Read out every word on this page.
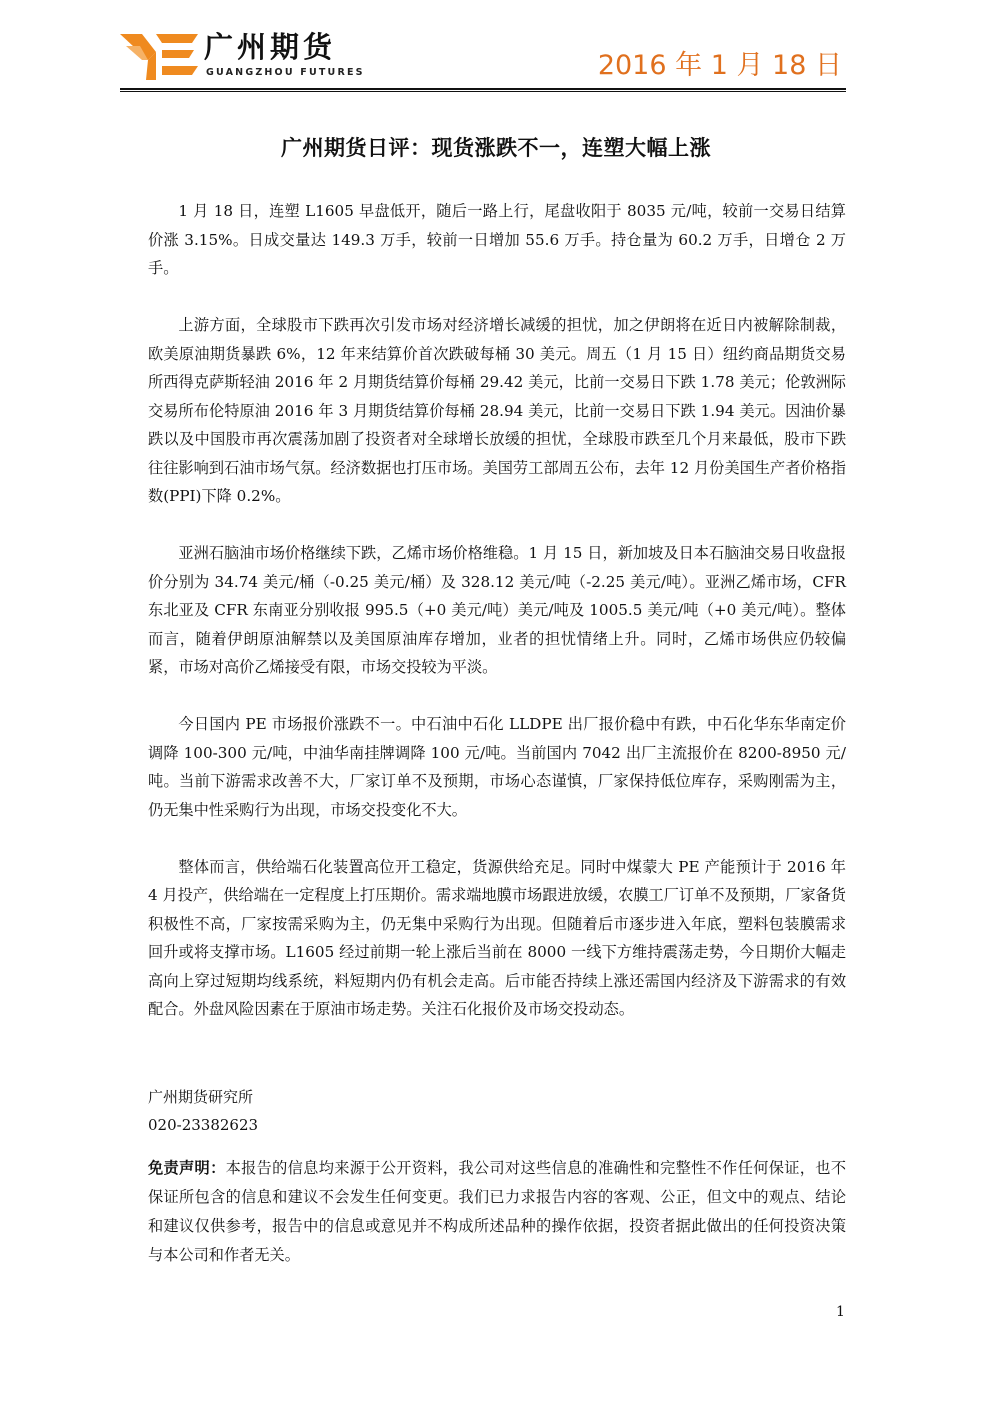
广州期货
GUANGZHOU FUTURES	2016 年 1 月 18 日
广州期货日评：现货涨跌不一，连塑大幅上涨

1 月 18 日，连塑 L1605 早盘低开，随后一路上行，尾盘收阳于 8035 元/吨，较前一交易日结算价涨 3.15%。日成交量达 149.3 万手，较前一日增加 55.6 万手。持仓量为 60.2 万手，日增仓 2 万手。

上游方面，全球股市下跌再次引发市场对经济增长减缓的担忧，加之伊朗将在近日内被解除制裁，欧美原油期货暴跌 6%，12 年来结算价首次跌破每桶 30 美元。周五（1 月 15 日）纽约商品期货交易所西得克萨斯轻油 2016 年 2 月期货结算价每桶 29.42 美元，比前一交易日下跌 1.78 美元；伦敦洲际交易所布伦特原油 2016 年 3 月期货结算价每桶 28.94 美元，比前一交易日下跌 1.94 美元。因油价暴跌以及中国股市再次震荡加剧了投资者对全球增长放缓的担忧，全球股市跌至几个月来最低，股市下跌往往影响到石油市场气氛。经济数据也打压市场。美国劳工部周五公布，去年 12 月份美国生产者价格指数(PPI)下降 0.2%。

亚洲石脑油市场价格继续下跌，乙烯市场价格维稳。1 月 15 日，新加坡及日本石脑油交易日收盘报价分别为 34.74 美元/桶（-0.25 美元/桶）及 328.12 美元/吨（-2.25 美元/吨）。亚洲乙烯市场，CFR 东北亚及 CFR 东南亚分别收报 995.5（+0 美元/吨）美元/吨及 1005.5 美元/吨（+0 美元/吨）。整体而言，随着伊朗原油解禁以及美国原油库存增加，业者的担忧情绪上升。同时，乙烯市场供应仍较偏紧，市场对高价乙烯接受有限，市场交投较为平淡。

今日国内 PE 市场报价涨跌不一。中石油中石化 LLDPE 出厂报价稳中有跌，中石化华东华南定价调降 100-300 元/吨，中油华南挂牌调降 100 元/吨。当前国内 7042 出厂主流报价在 8200-8950 元/吨。当前下游需求改善不大，厂家订单不及预期，市场心态谨慎，厂家保持低位库存，采购刚需为主，仍无集中性采购行为出现，市场交投变化不大。

整体而言，供给端石化装置高位开工稳定，货源供给充足。同时中煤蒙大 PE 产能预计于 2016 年 4 月投产，供给端在一定程度上打压期价。需求端地膜市场跟进放缓，农膜工厂订单不及预期，厂家备货积极性不高，厂家按需采购为主，仍无集中采购行为出现。但随着后市逐步进入年底，塑料包装膜需求回升或将支撑市场。L1605 经过前期一轮上涨后当前在 8000 一线下方维持震荡走势，今日期价大幅走高向上穿过短期均线系统，料短期内仍有机会走高。后市能否持续上涨还需国内经济及下游需求的有效配合。外盘风险因素在于原油市场走势。关注石化报价及市场交投动态。

广州期货研究所
020-23382623
免责声明：本报告的信息均来源于公开资料，我公司对这些信息的准确性和完整性不作任何保证，也不保证所包含的信息和建议不会发生任何变更。我们已力求报告内容的客观、公正，但文中的观点、结论和建议仅供参考，报告中的信息或意见并不构成所述品种的操作依据，投资者据此做出的任何投资决策与本公司和作者无关。
1
